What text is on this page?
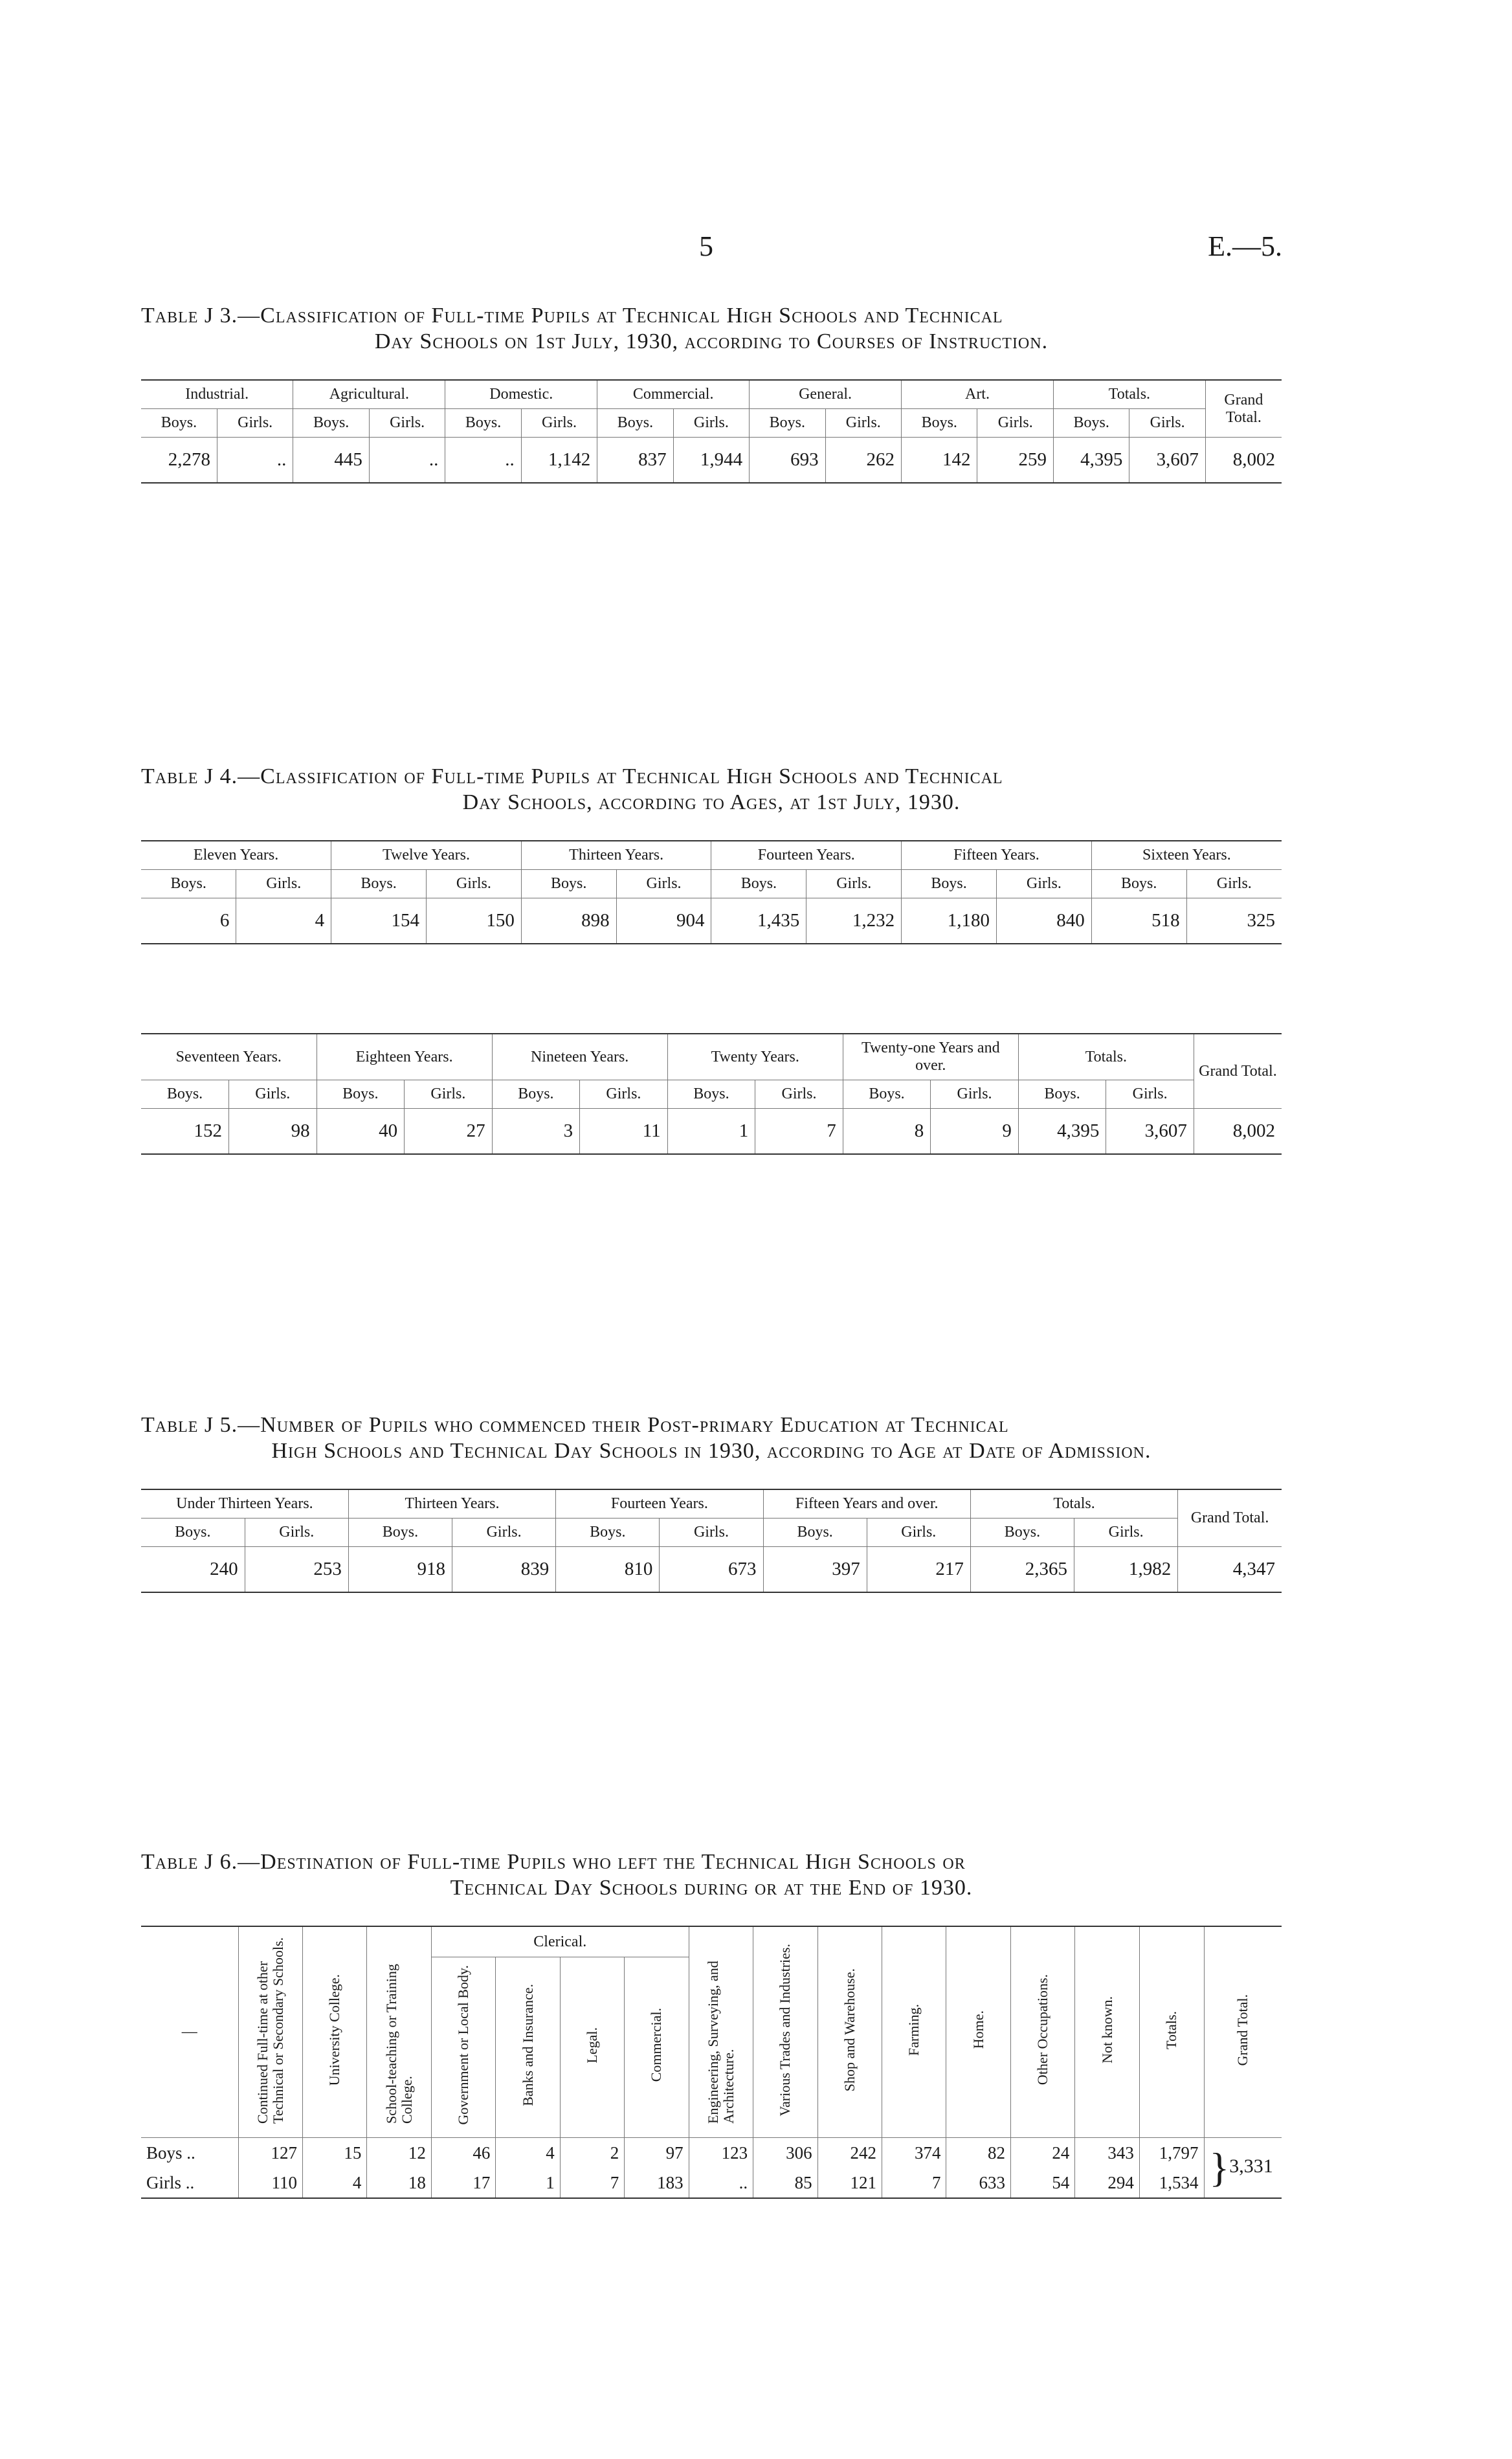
5	E.—5.
Table J 3.—Classification of Full-time Pupils at Technical High Schools and Technical
Day Schools on 1st July, 1930, according to Courses of Instruction.
Industrial.		Agricultural.		Domestic.		Commercial.		General.		Art.		Totals.		Grand Total.
Boys.	Girls.	Boys.	Girls.	Boys.	Girls.	Boys.	Girls.	Boys.	Girls.	Boys.	Girls.	Boys.	Girls.	
2,278	..	445	..	..	1,142	837	1,944	693	262	142	259	4,395	3,607	8,002
Table J 4.—Classification of Full-time Pupils at Technical High Schools and Technical
Day Schools, according to Ages, at 1st July, 1930.
Eleven Years.		Twelve Years.		Thirteen Years.		Fourteen Years.		Fifteen Years.		Sixteen Years.	
Boys.	Girls.	Boys.	Girls.	Boys.	Girls.	Boys.	Girls.	Boys.	Girls.	Boys.	Girls.
6	4	154	150	898	904	1,435	1,232	1,180	840	518	325
Seventeen Years.		Eighteen Years.		Nineteen Years.		Twenty Years.		Twenty-one Years and over.		Totals.		Grand Total.
Boys.	Girls.	Boys.	Girls.	Boys.	Girls.	Boys.	Girls.	Boys.	Girls.	Boys.	Girls.	
152	98	40	27	3	11	1	7	8	9	4,395	3,607	8,002
Table J 5.—Number of Pupils who commenced their Post-primary Education at Technical
High Schools and Technical Day Schools in 1930, according to Age at Date of Admission.
Under Thirteen Years.		Thirteen Years.		Fourteen Years.		Fifteen Years and over.		Totals.		Grand Total.
Boys.	Girls.	Boys.	Girls.	Boys.	Girls.	Boys.	Girls.	Boys.	Girls.	
240	253	918	839	810	673	397	217	2,365	1,982	4,347
Table J 6.—Destination of Full-time Pupils who left the Technical High Schools or
Technical Day Schools during or at the End of 1930.
—	Continued Full-time at other Technical or Secondary Schools.	University College.	School-teaching or Training College.	Clerical.				Engineering, Surveying, and Architecture.	Various Trades and Industries.	Shop and Warehouse.	Farming.	Home.	Other Occupations.	Not known.	Totals.	Grand Total.
				Government or Local Body.	Banks and Insurance.	Legal.	Commercial.									
Boys ..	127	15	12	46	4	2	97	123	306	242	374	82	24	343	1,797	}3,331
Girls ..	110	4	18	17	1	7	183	..	85	121	7	633	54	294	1,534	
